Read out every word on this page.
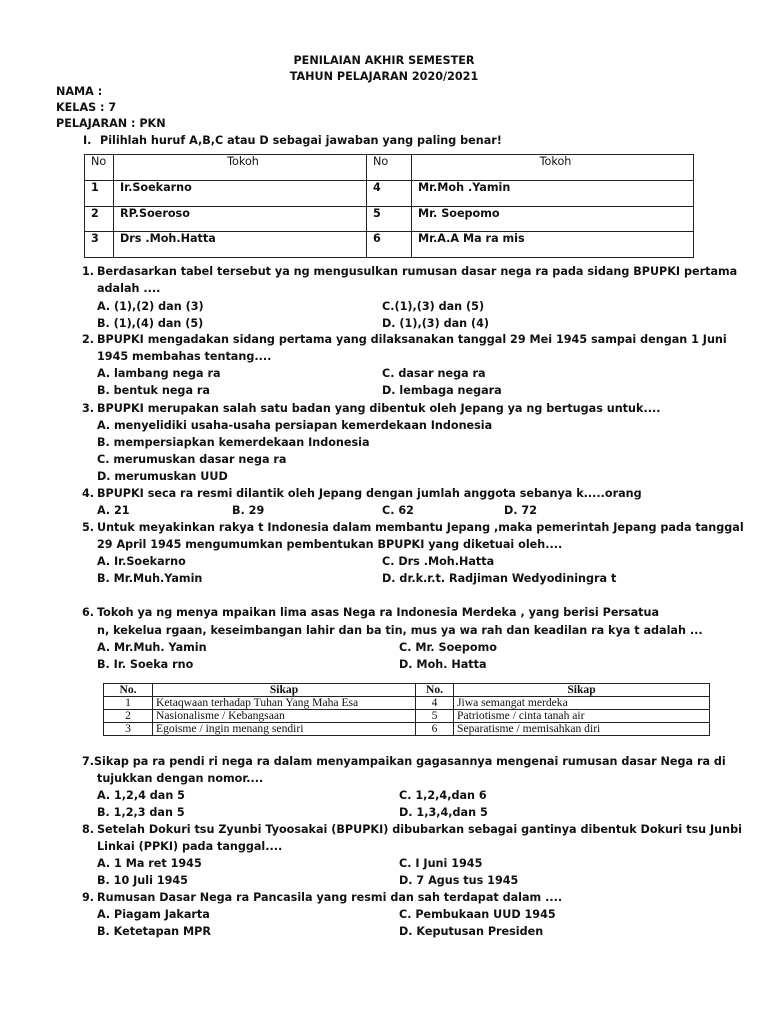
PENILAIAN AKHIR SEMESTER
TAHUN PELAJARAN 2020/2021
NAMA :
KELAS : 7
PELAJARAN : PKN
I. Pilihlah huruf A,B,C atau D sebagai jawaban yang paling benar!
No	Tokoh	No	Tokoh
1	Ir.Soekarno	4	Mr.Moh .Yamin
2	RP.Soeroso	5	Mr. Soepomo
3	Drs .Moh.Hatta	6	Mr.A.A Ma ra mis
1. Berdasarkan tabel tersebut ya ng mengusulkan rumusan dasar nega ra pada sidang BPUPKI pertama
adalah ....
A. (1),(2) dan (3)	C.(1),(3) dan (5)
B. (1),(4) dan (5)	D. (1),(3) dan (4)
2. BPUPKI mengadakan sidang pertama yang dilaksanakan tanggal 29 Mei 1945 sampai dengan 1 Juni
1945 membahas tentang....
A. lambang nega ra	C. dasar nega ra
B. bentuk nega ra	D. lembaga negara
3. BPUPKI merupakan salah satu badan yang dibentuk oleh Jepang ya ng bertugas untuk....
A. menyelidiki usaha-usaha persiapan kemerdekaan Indonesia
B. mempersiapkan kemerdekaan Indonesia
C. merumuskan dasar nega ra
D. merumuskan UUD
4. BPUPKI seca ra resmi dilantik oleh Jepang dengan jumlah anggota sebanya k.....orang
A. 21	B. 29	C. 62	D. 72
5. Untuk meyakinkan rakya t Indonesia dalam membantu Jepang ,maka pemerintah Jepang pada tanggal
29 April 1945 mengumumkan pembentukan BPUPKI yang diketuai oleh....
A. Ir.Soekarno	C. Drs .Moh.Hatta
B. Mr.Muh.Yamin	D. dr.k.r.t. Radjiman Wedyodiningra t
6. Tokoh ya ng menya mpaikan lima asas Nega ra Indonesia Merdeka , yang berisi Persatua
n, kekelua rgaan, keseimbangan lahir dan ba tin, mus ya wa rah dan keadilan ra kya t adalah ...
A. Mr.Muh. Yamin	C. Mr. Soepomo
B. Ir. Soeka rno	D. Moh. Hatta
No.	Sikap	No.	Sikap
1	Ketaqwaan terhadap Tuhan Yang Maha Esa	4	Jiwa semangat merdeka
2	Nasionalisme / Kebangsaan	5	Patriotisme / cinta tanah air
3	Egoisme / ingin menang sendiri	6	Separatisme / memisahkan diri
7. Sikap pa ra pendi ri nega ra dalam menyampaikan gagasannya mengenai rumusan dasar Nega ra di
tujukkan dengan nomor....
A. 1,2,4 dan 5	C. 1,2,4,dan 6
B. 1,2,3 dan 5	D. 1,3,4,dan 5
8. Setelah Dokuri tsu Zyunbi Tyoosakai (BPUPKI) dibubarkan sebagai gantinya dibentuk Dokuri tsu Junbi
Linkai (PPKI) pada tanggal....
A. 1 Ma ret 1945	C. I Juni 1945
B. 10 Juli 1945	D. 7 Agus tus 1945
9. Rumusan Dasar Nega ra Pancasila yang resmi dan sah terdapat dalam ....
A. Piagam Jakarta	C. Pembukaan UUD 1945
B. Ketetapan MPR	D. Keputusan Presiden
